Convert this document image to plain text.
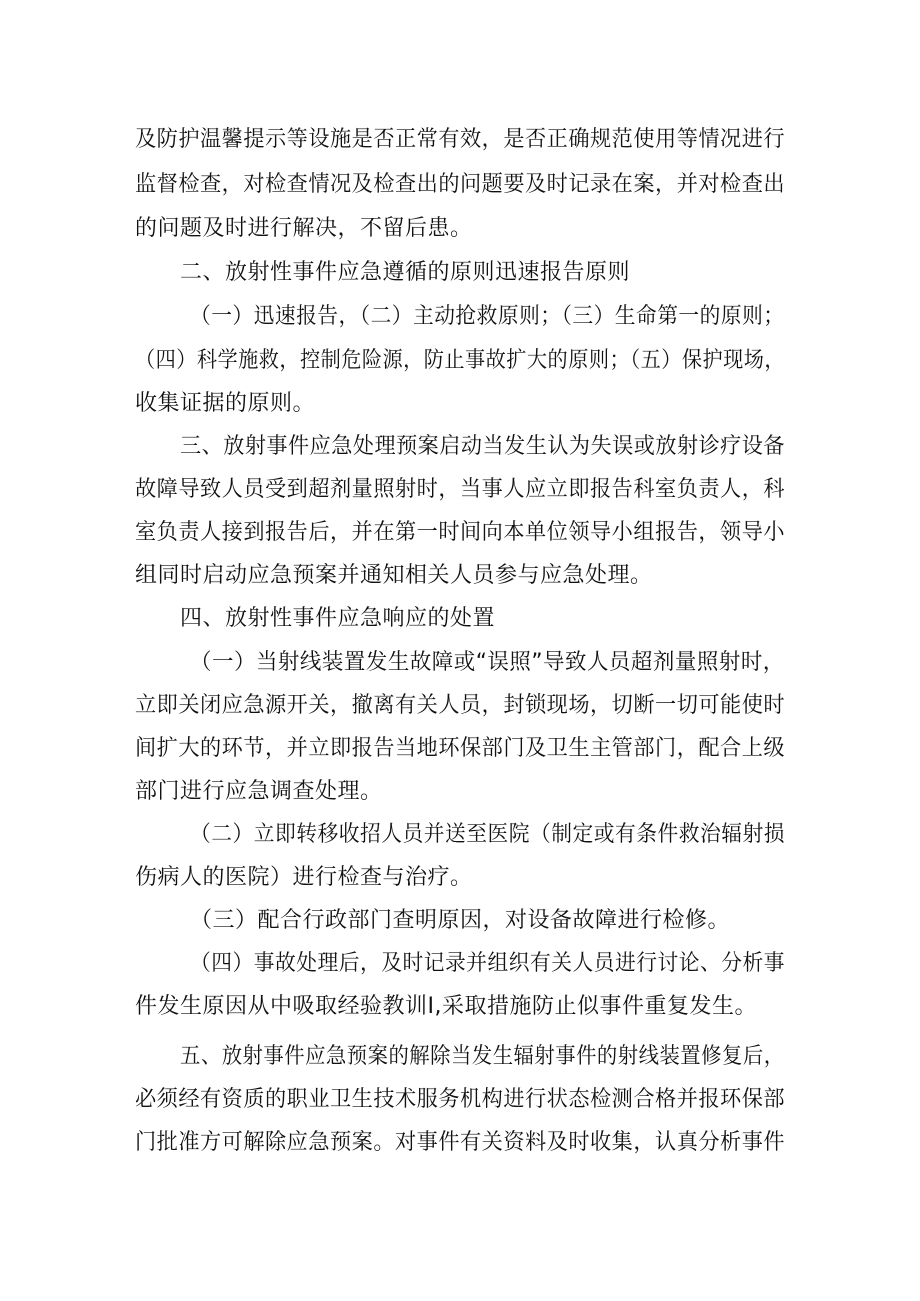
及防护温馨提示等设施是否正常有效，是否正确规范使用等情况进行
监督检查，对检查情况及检查出的问题要及时记录在案，并对检查出
的问题及时进行解决，不留后患。
二、放射性事件应急遵循的原则迅速报告原则
（一）迅速报告，（二）主动抢救原则；（三）生命第一的原则；
（四）科学施救，控制危险源，防止事故扩大的原则；（五）保护现场，
收集证据的原则。
三、放射事件应急处理预案启动当发生认为失误或放射诊疗设备
故障导致人员受到超剂量照射时，当事人应立即报告科室负责人，科
室负责人接到报告后，并在第一时间向本单位领导小组报告，领导小
组同时启动应急预案并通知相关人员参与应急处理。
四、放射性事件应急响应的处置
（一）当射线装置发生故障或“误照”导致人员超剂量照射时，
立即关闭应急源开关，撤离有关人员，封锁现场，切断一切可能使时
间扩大的环节，并立即报告当地环保部门及卫生主管部门，配合上级
部门进行应急调查处理。
（二）立即转移收招人员并送至医院（制定或有条件救治辐射损
伤病人的医院）进行检查与治疗。
（三）配合行政部门查明原因，对设备故障进行检修。
（四）事故处理后，及时记录并组织有关人员进行讨论、分析事
件发生原因从中吸取经验教训I,采取措施防止似事件重复发生。
五、放射事件应急预案的解除当发生辐射事件的射线装置修复后，
必须经有资质的职业卫生技术服务机构进行状态检测合格并报环保部
门批准方可解除应急预案。对事件有关资料及时收集，认真分析事件
